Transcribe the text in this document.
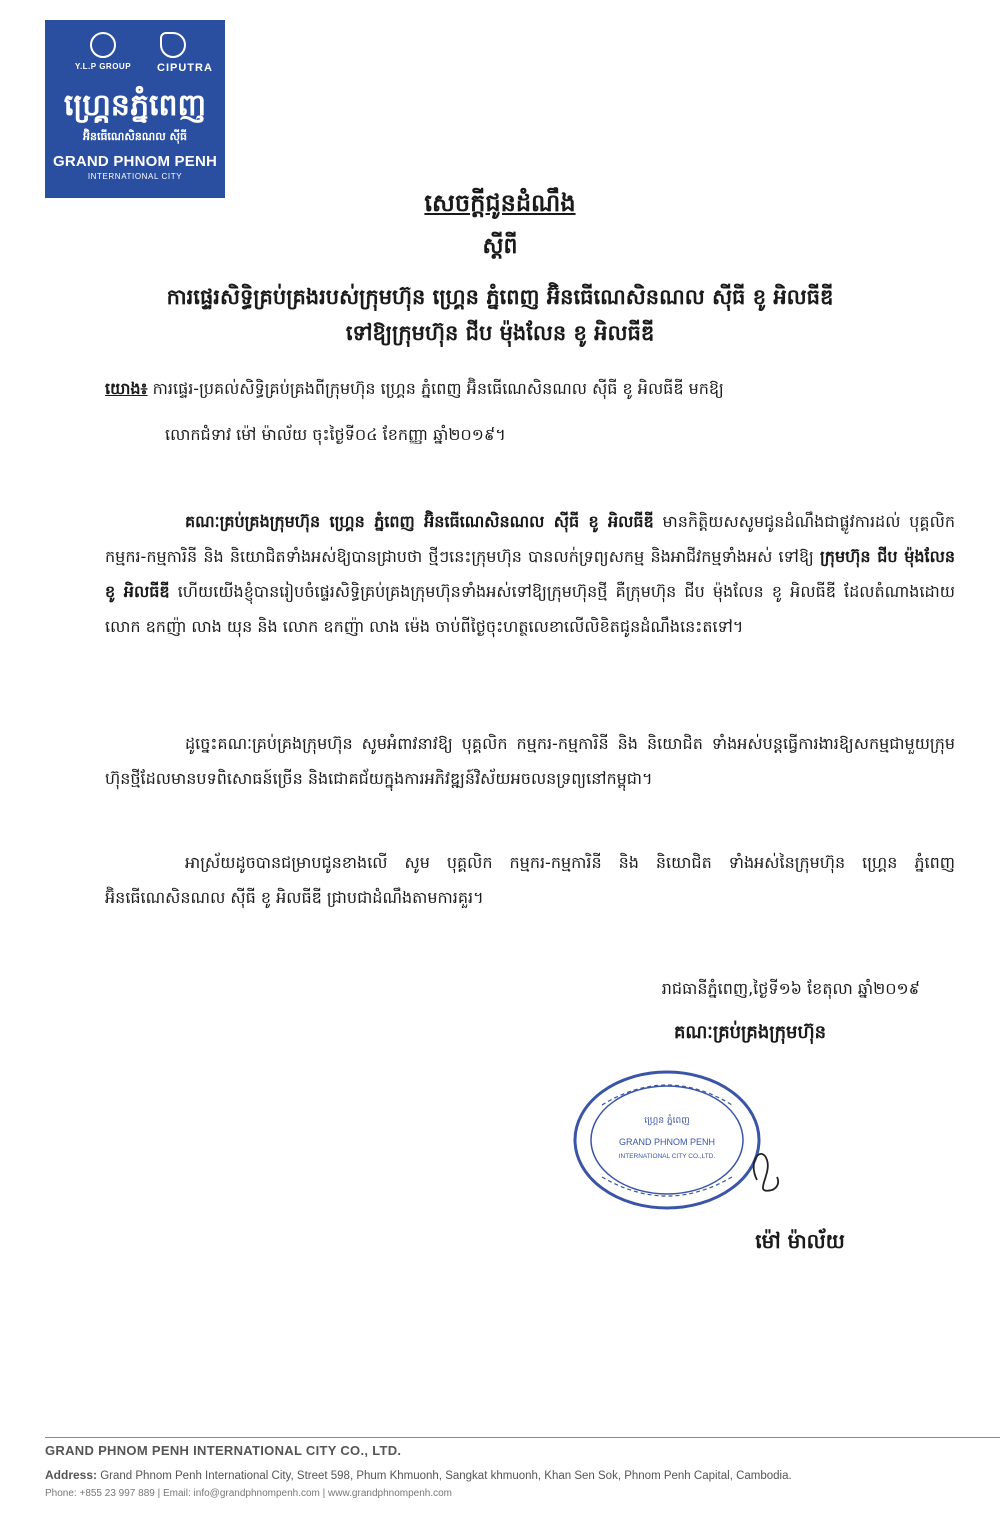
Y.L.P GROUP CIPUTRA
ហ្គ្រេនភ្នំពេញ
អ៊ិនធើណេសិនណល ស៊ីធី
GRAND PHNOM PENH
INTERNATIONAL CITY
សេចក្តីជូនដំណឹង
ស្តីពី
ការផ្ទេរសិទ្ធិគ្រប់គ្រងរបស់ក្រុមហ៊ុន ហ្គ្រេន ភ្នំពេញ អ៊ិនធើណេសិនណល ស៊ីធី ខូ អិលធីឌី
ទៅឱ្យក្រុមហ៊ុន ជីប ម៉ុងលែន ខូ អិលធីឌី
យោង៖ ការផ្ទេរ-ប្រគល់សិទ្ធិគ្រប់គ្រងពីក្រុមហ៊ុន ហ្គ្រេន ភ្នំពេញ អ៊ិនធើណេសិនណល ស៊ីធី ខូ អិលធីឌី មកឱ្យ
លោកជំទាវ ម៉ៅ ម៉ាល័យ ចុះថ្ងៃទី០៤ ខែកញ្ញា ឆ្នាំ២០១៩។
គណៈគ្រប់គ្រងក្រុមហ៊ុន ហ្គ្រេន ភ្នំពេញ អ៊ិនធើណេសិនណល ស៊ីធី ខូ អិលធីឌី មានកិត្តិយសសូមជូនដំណឹងជាផ្លូវការដល់ បុគ្គលិក កម្មករ-កម្មការិនី និង និយោជិតទាំងអស់ឱ្យបានជ្រាបថា ថ្មីៗនេះក្រុមហ៊ុន បានលក់ទ្រព្យសកម្ម និងអាជីវកម្មទាំងអស់ ទៅឱ្យ ក្រុមហ៊ុន ជីប ម៉ុងលែន ខូ អិលធីឌី ហើយយើងខ្ញុំបានរៀបចំផ្ទេរសិទ្ធិគ្រប់គ្រងក្រុមហ៊ុនទាំងអស់ទៅឱ្យក្រុមហ៊ុនថ្មី គឺក្រុមហ៊ុន ជីប ម៉ុងលែន ខូ អិលធីឌី ដែលតំណាងដោយលោក ឧកញ៉ា លាង យុន និង លោក ឧកញ៉ា លាង ម៉េង ចាប់ពីថ្ងៃចុះហត្ថលេខាលើលិខិតជូនដំណឹងនេះតទៅ។
ដូច្នេះគណៈគ្រប់គ្រងក្រុមហ៊ុន សូមអំពាវនាវឱ្យ បុគ្គលិក កម្មករ-កម្មការិនី និង និយោជិត ទាំងអស់បន្តធ្វើការងារឱ្យសកម្មជាមួយក្រុមហ៊ុនថ្មីដែលមានបទពិសោធន៍ច្រើន និងជោគជ័យក្នុងការអភិវឌ្ឍន៍វិស័យអចលនទ្រព្យនៅកម្ពុជា។
អាស្រ័យដូចបានជម្រាបជូនខាងលើ សូម បុគ្គលិក កម្មករ-កម្មការិនី និង និយោជិត ទាំងអស់នៃក្រុមហ៊ុន ហ្គ្រេន ភ្នំពេញ អ៊ិនធើណេសិនណល ស៊ីធី ខូ អិលធីឌី ជ្រាបជាដំណឹងតាមការគួរ។
រាជធានីភ្នំពេញ,ថ្ងៃទី១៦ ខែតុលា ឆ្នាំ២០១៩
គណៈគ្រប់គ្រងក្រុមហ៊ុន
ហ្គ្រេន ភ្នំពេញ
GRAND PHNOM PENH
INTERNATIONAL CITY CO.,LTD.
ម៉ៅ ម៉ាល័យ
GRAND PHNOM PENH INTERNATIONAL CITY CO., LTD.
Address: Grand Phnom Penh International City, Street 598, Phum Khmuonh, Sangkat khmuonh, Khan Sen Sok, Phnom Penh Capital, Cambodia.
Phone: +855 23 997 889 | Email: info@grandphnompenh.com | www.grandphnompenh.com
